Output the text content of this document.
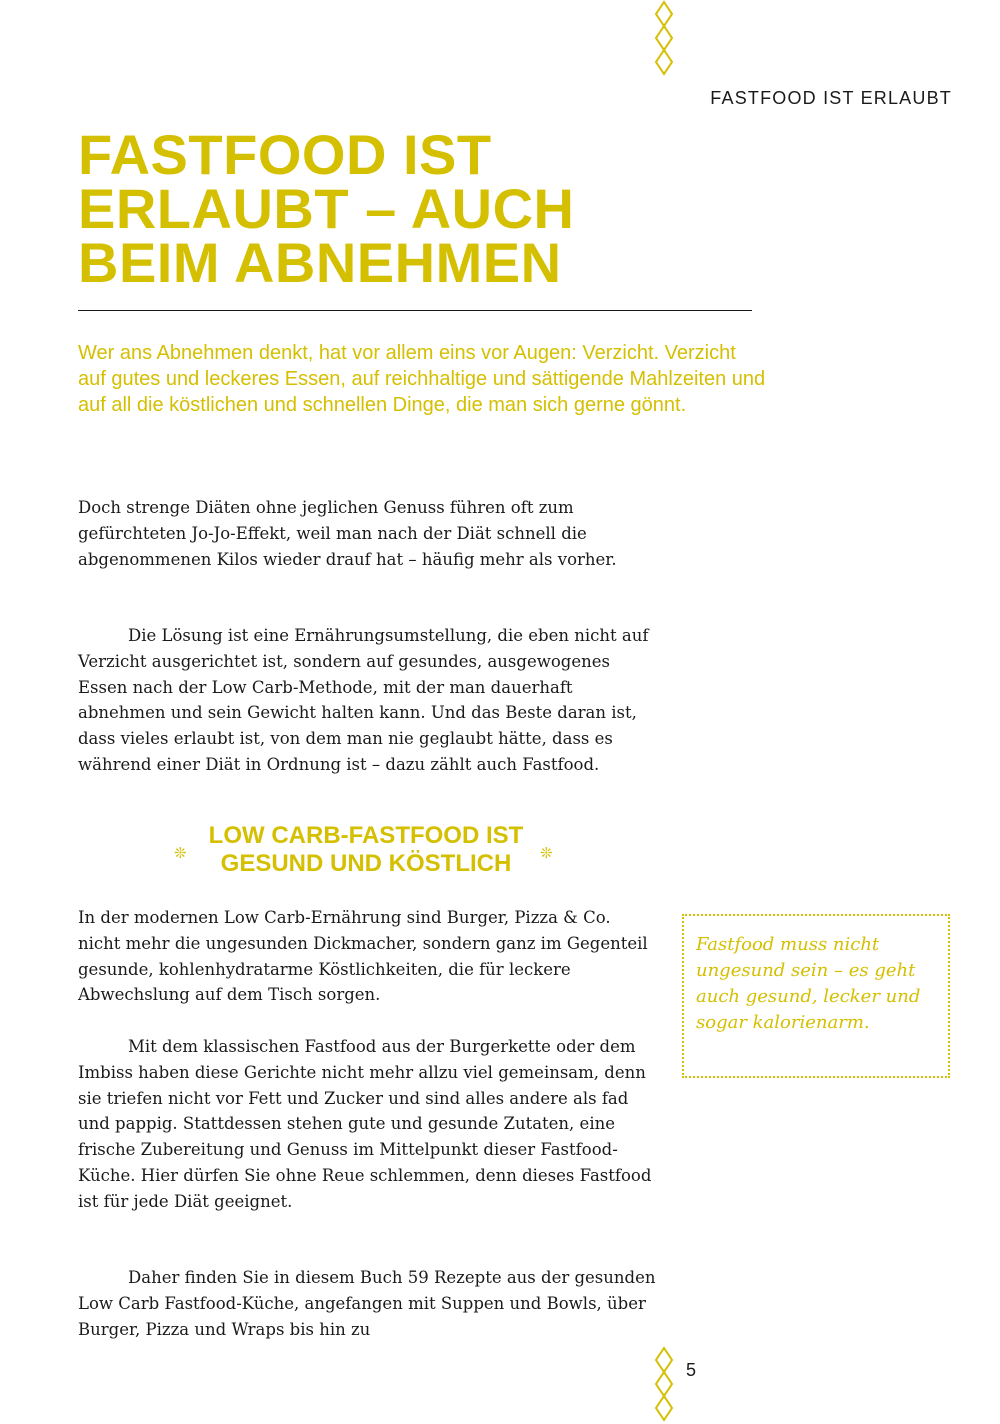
FASTFOOD IST ERLAUBT
FASTFOOD IST
ERLAUBT – AUCH
BEIM ABNEHMEN

Wer ans Abnehmen denkt, hat vor allem eins vor Augen: Verzicht. Verzicht auf gutes und leckeres Essen, auf reichhaltige und sättigende Mahlzeiten und auf all die köstlichen und schnellen Dinge, die man sich gerne gönnt.

Doch strenge Diäten ohne jeglichen Genuss führen oft zum gefürchteten Jo-Jo-Effekt, weil man nach der Diät schnell die abgenommenen Kilos wieder drauf hat – häufig mehr als vorher.

Die Lösung ist eine Ernährungsumstellung, die eben nicht auf Verzicht ausgerichtet ist, sondern auf gesundes, ausgewogenes Essen nach der Low Carb-Methode, mit der man dauerhaft abnehmen und sein Gewicht halten kann. Und das Beste daran ist, dass vieles erlaubt ist, von dem man nie geglaubt hätte, dass es während einer Diät in Ordnung ist – dazu zählt auch Fastfood.

❊
LOW CARB-FASTFOOD IST
GESUND UND KÖSTLICH	❊

In der modernen Low Carb-Ernährung sind Burger, Pizza & Co. nicht mehr die ungesunden Dickmacher, sondern ganz im Gegenteil gesunde, kohlenhydratarme Köstlichkeiten, die für leckere Abwechslung auf dem Tisch sorgen.

Mit dem klassischen Fastfood aus der Burgerkette oder dem Imbiss haben diese Gerichte nicht mehr allzu viel gemeinsam, denn sie triefen nicht vor Fett und Zucker und sind alles andere als fad und pappig. Stattdessen stehen gute und gesunde Zutaten, eine frische Zubereitung und Genuss im Mittelpunkt dieser Fastfood-Küche. Hier dürfen Sie ohne Reue schlemmen, denn dieses Fastfood ist für jede Diät geeignet.

Daher finden Sie in diesem Buch 59 Rezepte aus der gesunden Low Carb Fastfood-Küche, angefangen mit Suppen und Bowls, über Burger, Pizza und Wraps bis hin zu

Fastfood muss nicht ungesund sein – es geht auch gesund, lecker und sogar kalorienarm.

5
